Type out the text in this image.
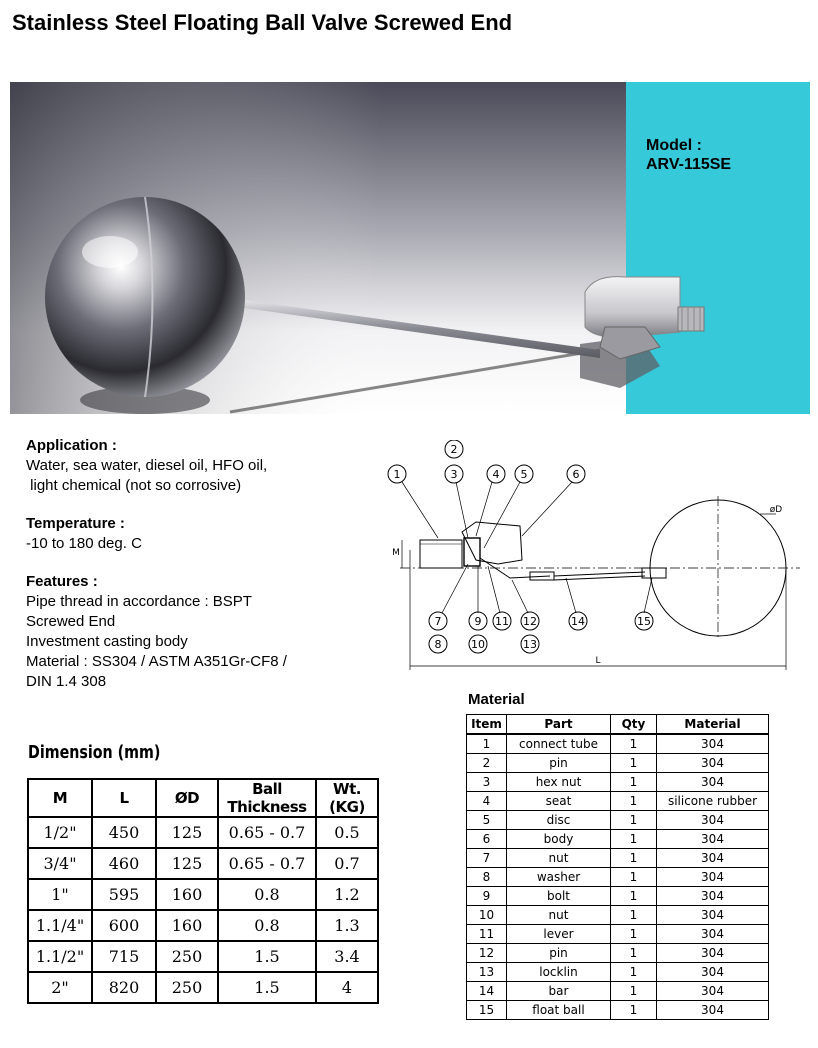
Stainless Steel Floating Ball Valve Screwed End
Model :
ARV-115SE
Application :
Water, sea water, diesel oil, HFO oil,
light chemical (not so corrosive)
Temperature :
-10 to 180 deg. C
Features :
Pipe thread in accordance : BSPT
Screwed End
Investment casting body
Material : SS304 / ASTM A351Gr-CF8 /
DIN 1.4 308
2
1	3	4 5	6
7
8
9
10
11 12
13
14	15
M
L
øD
Material
Item	Part	Qty	Material
1	connect tube	1	304
2	pin	1	304
3	hex nut	1	304
4	seat	1	silicone rubber
5	disc	1	304
6	body	1	304
7	nut	1	304
8	washer	1	304
9	bolt	1	304
10	nut	1	304
11	lever	1	304
12	pin	1	304
13	locklin	1	304
14	bar	1	304
15	float ball	1	304
Dimension (mm)
M	L	ØD	Ball Thickness	Wt.(KG)
1/2"	450	125	0.65 - 0.7	0.5
3/4"	460	125	0.65 - 0.7	0.7
1"	595	160	0.8	1.2
1.1/4"	600	160	0.8	1.3
1.1/2"	715	250	1.5	3.4
2"	820	250	1.5	4
